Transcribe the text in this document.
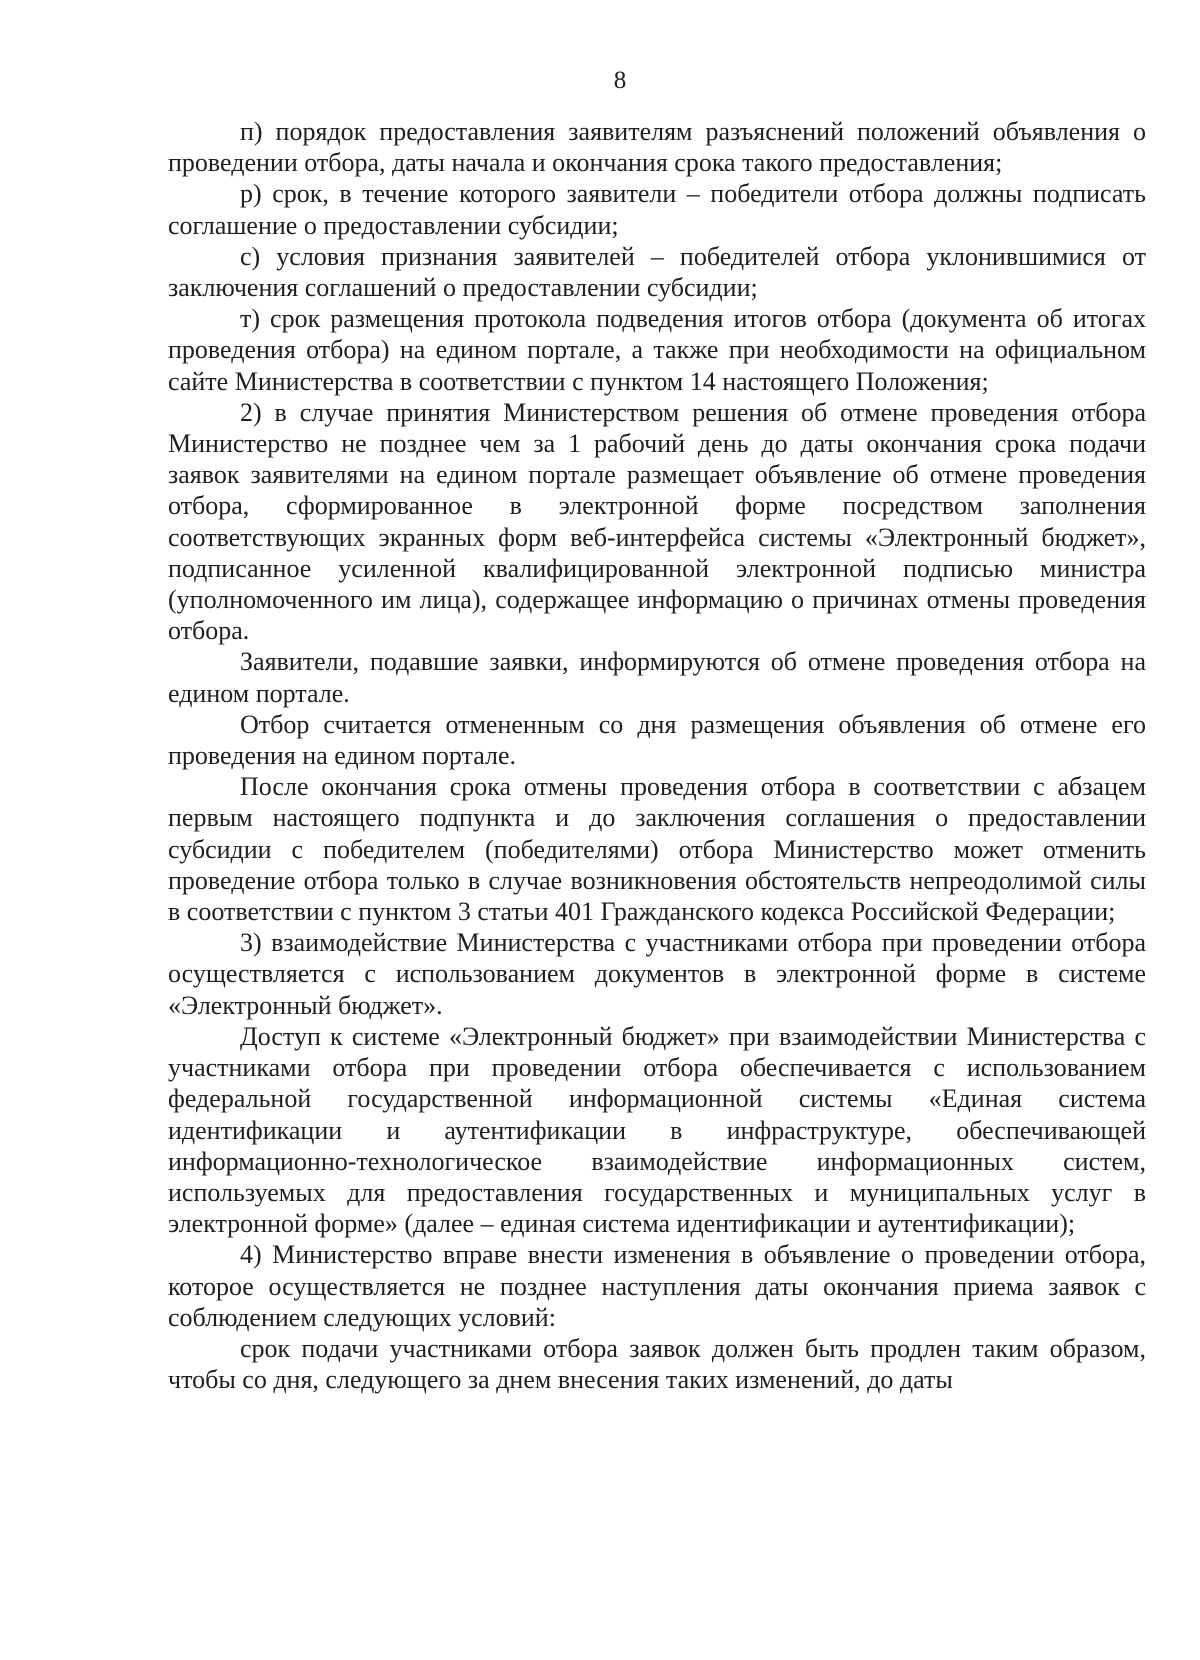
8

п) порядок предоставления заявителям разъяснений положений объявления о проведении отбора, даты начала и окончания срока такого предоставления;

р) срок, в течение которого заявители – победители отбора должны подписать соглашение о предоставлении субсидии;

с) условия признания заявителей – победителей отбора уклонившимися от заключения соглашений о предоставлении субсидии;

т) срок размещения протокола подведения итогов отбора (документа об итогах проведения отбора) на едином портале, а также при необходимости на официальном сайте Министерства в соответствии с пунктом 14 настоящего Положения;

2) в случае принятия Министерством решения об отмене проведения отбора Министерство не позднее чем за 1 рабочий день до даты окончания срока подачи заявок заявителями на едином портале размещает объявление об отмене проведения отбора, сформированное в электронной форме посредством заполнения соответствующих экранных форм веб-интерфейса системы «Электронный бюджет», подписанное усиленной квалифицированной электронной подписью министра (уполномоченного им лица), содержащее информацию о причинах отмены проведения отбора.

Заявители, подавшие заявки, информируются об отмене проведения отбора на едином портале.

Отбор считается отмененным со дня размещения объявления об отмене его проведения на едином портале.

После окончания срока отмены проведения отбора в соответствии с абзацем первым настоящего подпункта и до заключения соглашения о предоставлении субсидии с победителем (победителями) отбора Министерство может отменить проведение отбора только в случае возникновения обстоятельств непреодолимой силы в соответствии с пунктом 3 статьи 401 Гражданского кодекса Российской Федерации;

3) взаимодействие Министерства с участниками отбора при проведении отбора осуществляется с использованием документов в электронной форме в системе «Электронный бюджет».

Доступ к системе «Электронный бюджет» при взаимодействии Министерства с участниками отбора при проведении отбора обеспечивается с использованием федеральной государственной информационной системы «Единая система идентификации и аутентификации в инфраструктуре, обеспечивающей информационно-технологическое взаимодействие информационных систем, используемых для предоставления государственных и муниципальных услуг в электронной форме» (далее – единая система идентификации и аутентификации);

4) Министерство вправе внести изменения в объявление о проведении отбора, которое осуществляется не позднее наступления даты окончания приема заявок с соблюдением следующих условий:

срок подачи участниками отбора заявок должен быть продлен таким образом, чтобы со дня, следующего за днем внесения таких изменений, до даты
